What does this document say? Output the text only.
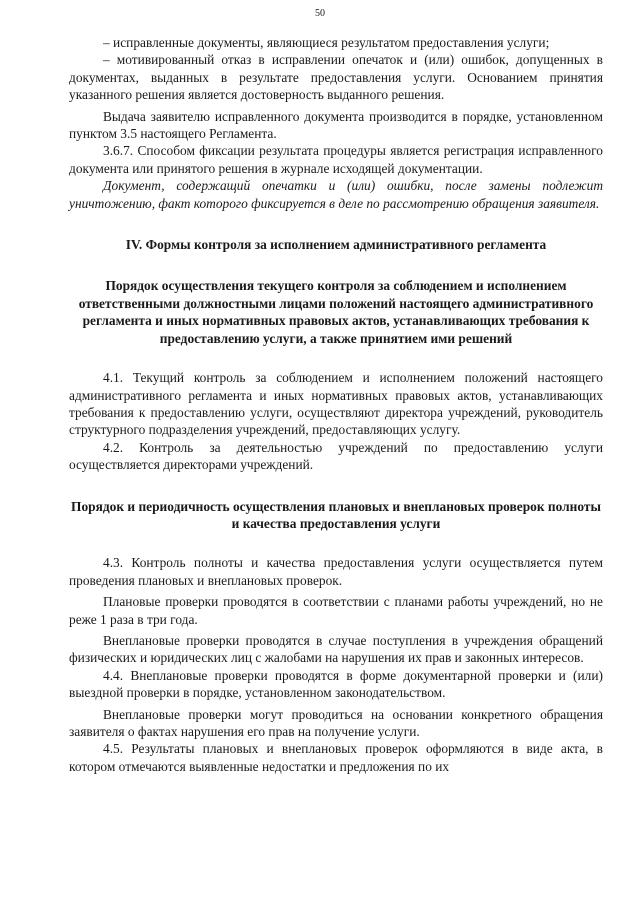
50

– исправленные документы, являющиеся результатом предоставления услуги;

– мотивированный отказ в исправлении опечаток и (или) ошибок, допущенных в документах, выданных в результате предоставления услуги. Основанием принятия указанного решения является достоверность выданного решения.

Выдача заявителю исправленного документа производится в порядке, установленном пунктом 3.5 настоящего Регламента.

3.6.7. Способом фиксации результата процедуры является регистрация исправленного документа или принятого решения в журнале исходящей документации.

Документ, содержащий опечатки и (или) ошибки, после замены подлежит уничтожению, факт которого фиксируется в деле по рассмотрению обращения заявителя.

IV. Формы контроля за исполнением административного регламента

Порядок осуществления текущего контроля за соблюдением и исполнением ответственными должностными лицами положений настоящего административного регламента и иных нормативных правовых актов, устанавливающих требования к предоставлению услуги, а также принятием ими решений

4.1. Текущий контроль за соблюдением и исполнением положений настоящего административного регламента и иных нормативных правовых актов, устанавливающих требования к предоставлению услуги, осуществляют директора учреждений, руководитель структурного подразделения учреждений, предоставляющих услугу.

4.2. Контроль за деятельностью учреждений по предоставлению услуги осуществляется директорами учреждений.

Порядок и периодичность осуществления плановых и внеплановых проверок полноты и качества предоставления услуги

4.3. Контроль полноты и качества предоставления услуги осуществляется путем проведения плановых и внеплановых проверок.

Плановые проверки проводятся в соответствии с планами работы учреждений, но не реже 1 раза в три года.

Внеплановые проверки проводятся в случае поступления в учреждения обращений физических и юридических лиц с жалобами на нарушения их прав и законных интересов.

4.4. Внеплановые проверки проводятся в форме документарной проверки и (или) выездной проверки в порядке, установленном законодательством.

Внеплановые проверки могут проводиться на основании конкретного обращения заявителя о фактах нарушения его прав на получение услуги.

4.5. Результаты плановых и внеплановых проверок оформляются в виде акта, в котором отмечаются выявленные недостатки и предложения по их
